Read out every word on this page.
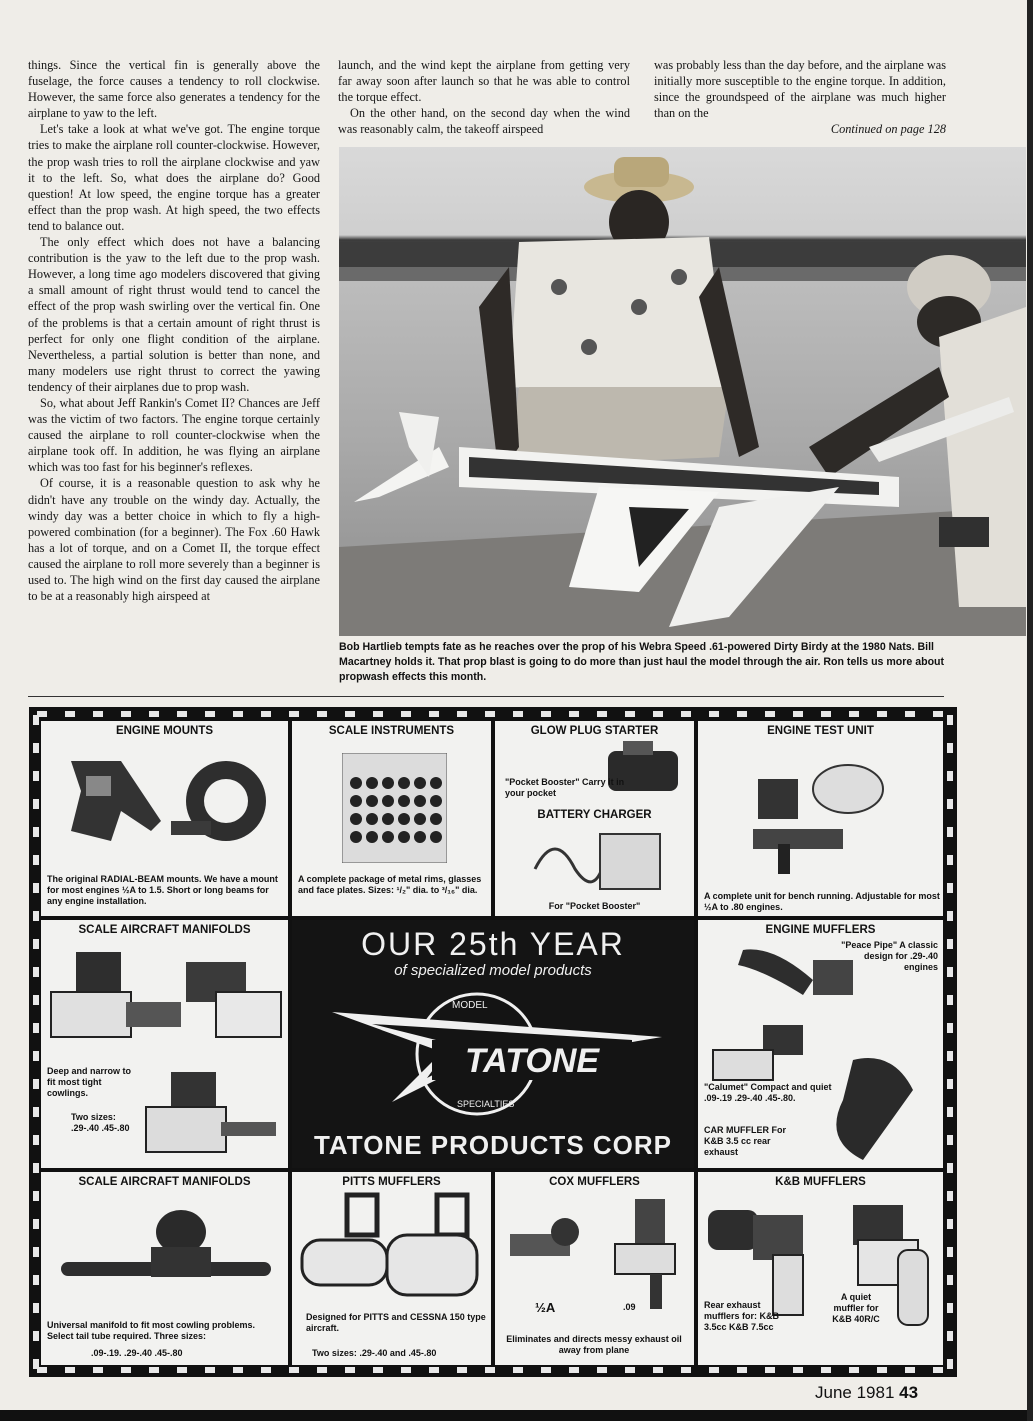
things. Since the vertical fin is generally above the fuselage, the force causes a tendency to roll clockwise. However, the same force also generates a tendency for the airplane to yaw to the left.

Let's take a look at what we've got. The engine torque tries to make the airplane roll counter-clockwise. However, the prop wash tries to roll the airplane clockwise and yaw it to the left. So, what does the airplane do? Good question! At low speed, the engine torque has a greater effect than the prop wash. At high speed, the two effects tend to balance out.

The only effect which does not have a balancing contribution is the yaw to the left due to the prop wash. However, a long time ago modelers discovered that giving a small amount of right thrust would tend to cancel the effect of the prop wash swirling over the vertical fin. One of the problems is that a certain amount of right thrust is perfect for only one flight condition of the airplane. Nevertheless, a partial solution is better than none, and many modelers use right thrust to correct the yawing tendency of their airplanes due to prop wash.

So, what about Jeff Rankin's Comet II? Chances are Jeff was the victim of two factors. The engine torque certainly caused the airplane to roll counter-clockwise when the airplane took off. In addition, he was flying an airplane which was too fast for his beginner's reflexes.

Of course, it is a reasonable question to ask why he didn't have any trouble on the windy day. Actually, the windy day was a better choice in which to fly a high-powered combination (for a beginner). The Fox .60 Hawk has a lot of torque, and on a Comet II, the torque effect caused the airplane to roll more severely than a beginner is used to. The high wind on the first day caused the airplane to be at a reasonably high airspeed at

launch, and the wind kept the airplane from getting very far away soon after launch so that he was able to control the torque effect.

On the other hand, on the second day when the wind was reasonably calm, the takeoff airspeed

was probably less than the day before, and the airplane was initially more susceptible to the engine torque. In addition, since the groundspeed of the airplane was much higher than on the

Continued on page 128

Bob Hartlieb tempts fate as he reaches over the prop of his Webra Speed .61-powered Dirty Birdy at the 1980 Nats. Bill Macartney holds it. That prop blast is going to do more than just haul the model through the air. Ron tells us more about propwash effects this month.
ENGINE MOUNTS
The original RADIAL-BEAM mounts. We have a mount for most engines ½A to 1.5. Short or long beams for any engine installation.
SCALE INSTRUMENTS
A complete package of metal rims, glasses and face plates. Sizes: ¹/₂" dia. to ³/₁₆" dia.
GLOW PLUG STARTER
"Pocket Booster" Carry it in your pocket
BATTERY CHARGER
For "Pocket Booster"
ENGINE TEST UNIT
A complete unit for bench running. Adjustable for most ½A to .80 engines.
SCALE AIRCRAFT MANIFOLDS
Deep and narrow to fit most tight cowlings.
Two sizes: .29-.40 .45-.80
OUR 25th YEAR
of specialized model products
TATONE
MODEL
SPECIALTIES
TATONE PRODUCTS CORP
ENGINE MUFFLERS
"Peace Pipe" A classic design for .29-.40 engines
"Calumet" Compact and quiet .09-.19 .29-.40 .45-.80.
CAR MUFFLER For K&B 3.5 cc rear exhaust
SCALE AIRCRAFT MANIFOLDS
Universal manifold to fit most cowling problems. Select tail tube required. Three sizes:
.09-.19. .29-.40 .45-.80
PITTS MUFFLERS
Designed for PITTS and CESSNA 150 type aircraft.
Two sizes: .29-.40 and .45-.80
COX MUFFLERS
½A	.09
Eliminates and directs messy exhaust oil away from plane
K&B MUFFLERS
Rear exhaust mufflers for: K&B 3.5cc K&B 7.5cc
A quiet muffler for K&B 40R/C
June 1981 43
